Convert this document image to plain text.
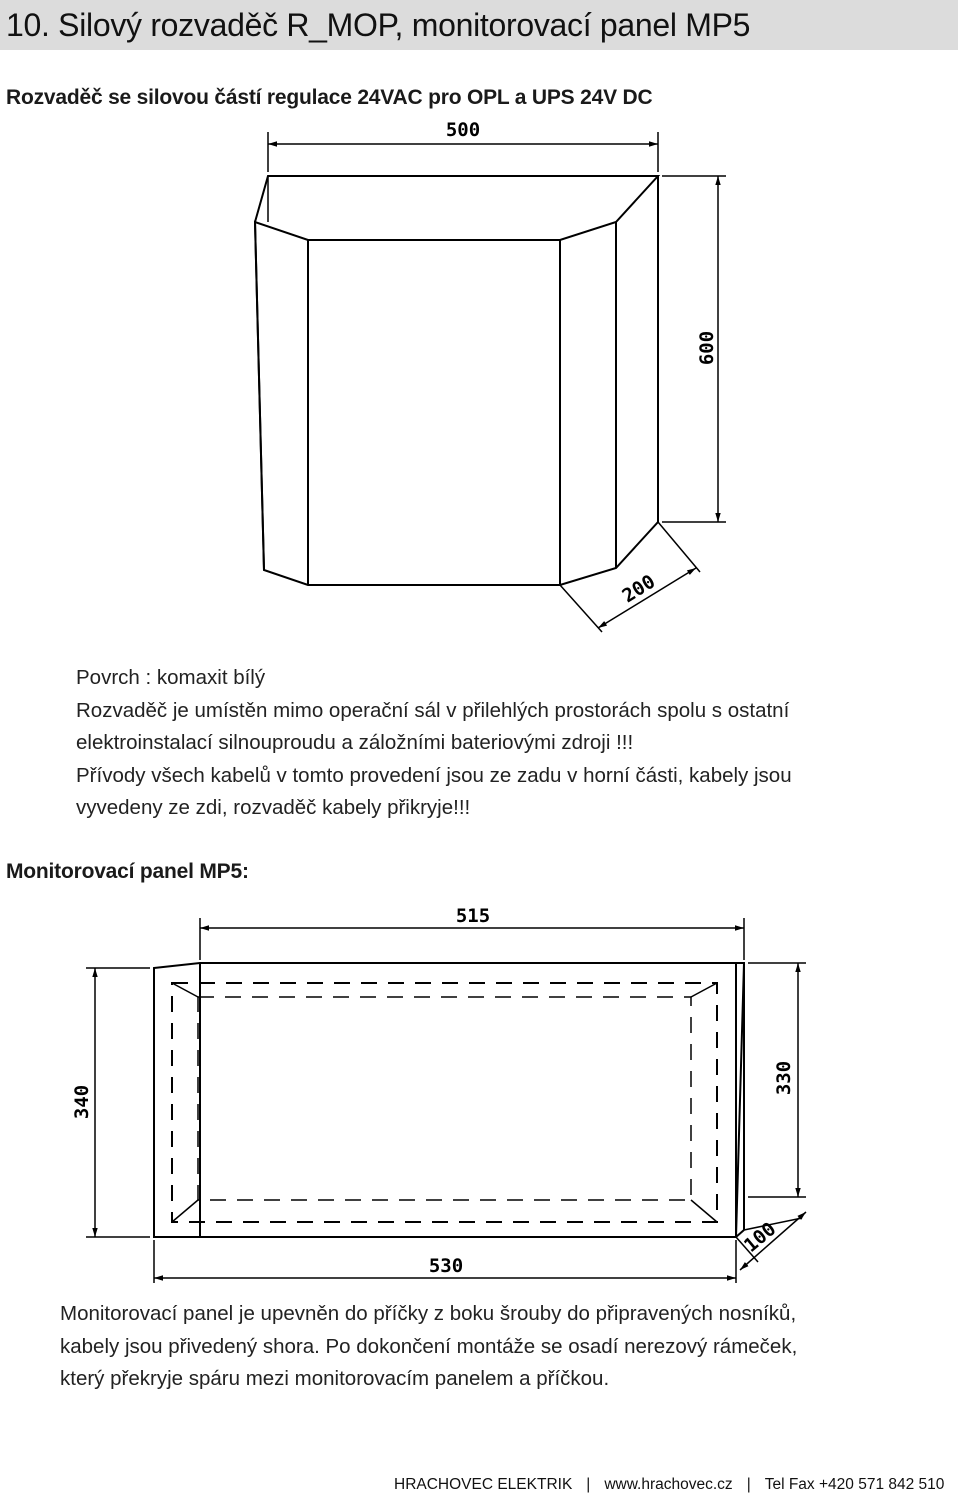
10. Silový rozvaděč R_MOP, monitorovací panel MP5
Rozvaděč se silovou částí regulace 24VAC pro OPL a UPS 24V DC
500
600
200
515
340
330
530
100

Povrch : komaxit bílý

Rozvaděč je umístěn mimo operační sál v přilehlých prostorách spolu s ostatní

elektroinstalací silnouproudu a záložními bateriovými zdroji !!!

Přívody všech kabelů v tomto provedení jsou ze zadu v horní části, kabely jsou

vyvedeny ze zdi, rozvaděč kabely přikryje!!!

Monitorovací panel MP5:

Monitorovací panel je upevněn do příčky z boku šrouby do připravených nosníků,

kabely jsou přivedený shora. Po dokončení montáže se osadí nerezový rámeček,

který překryje spáru mezi monitorovacím panelem a příčkou.

HRACHOVEC ELEKTRIK | www.hrachovec.cz | Tel Fax +420 571 842 510
